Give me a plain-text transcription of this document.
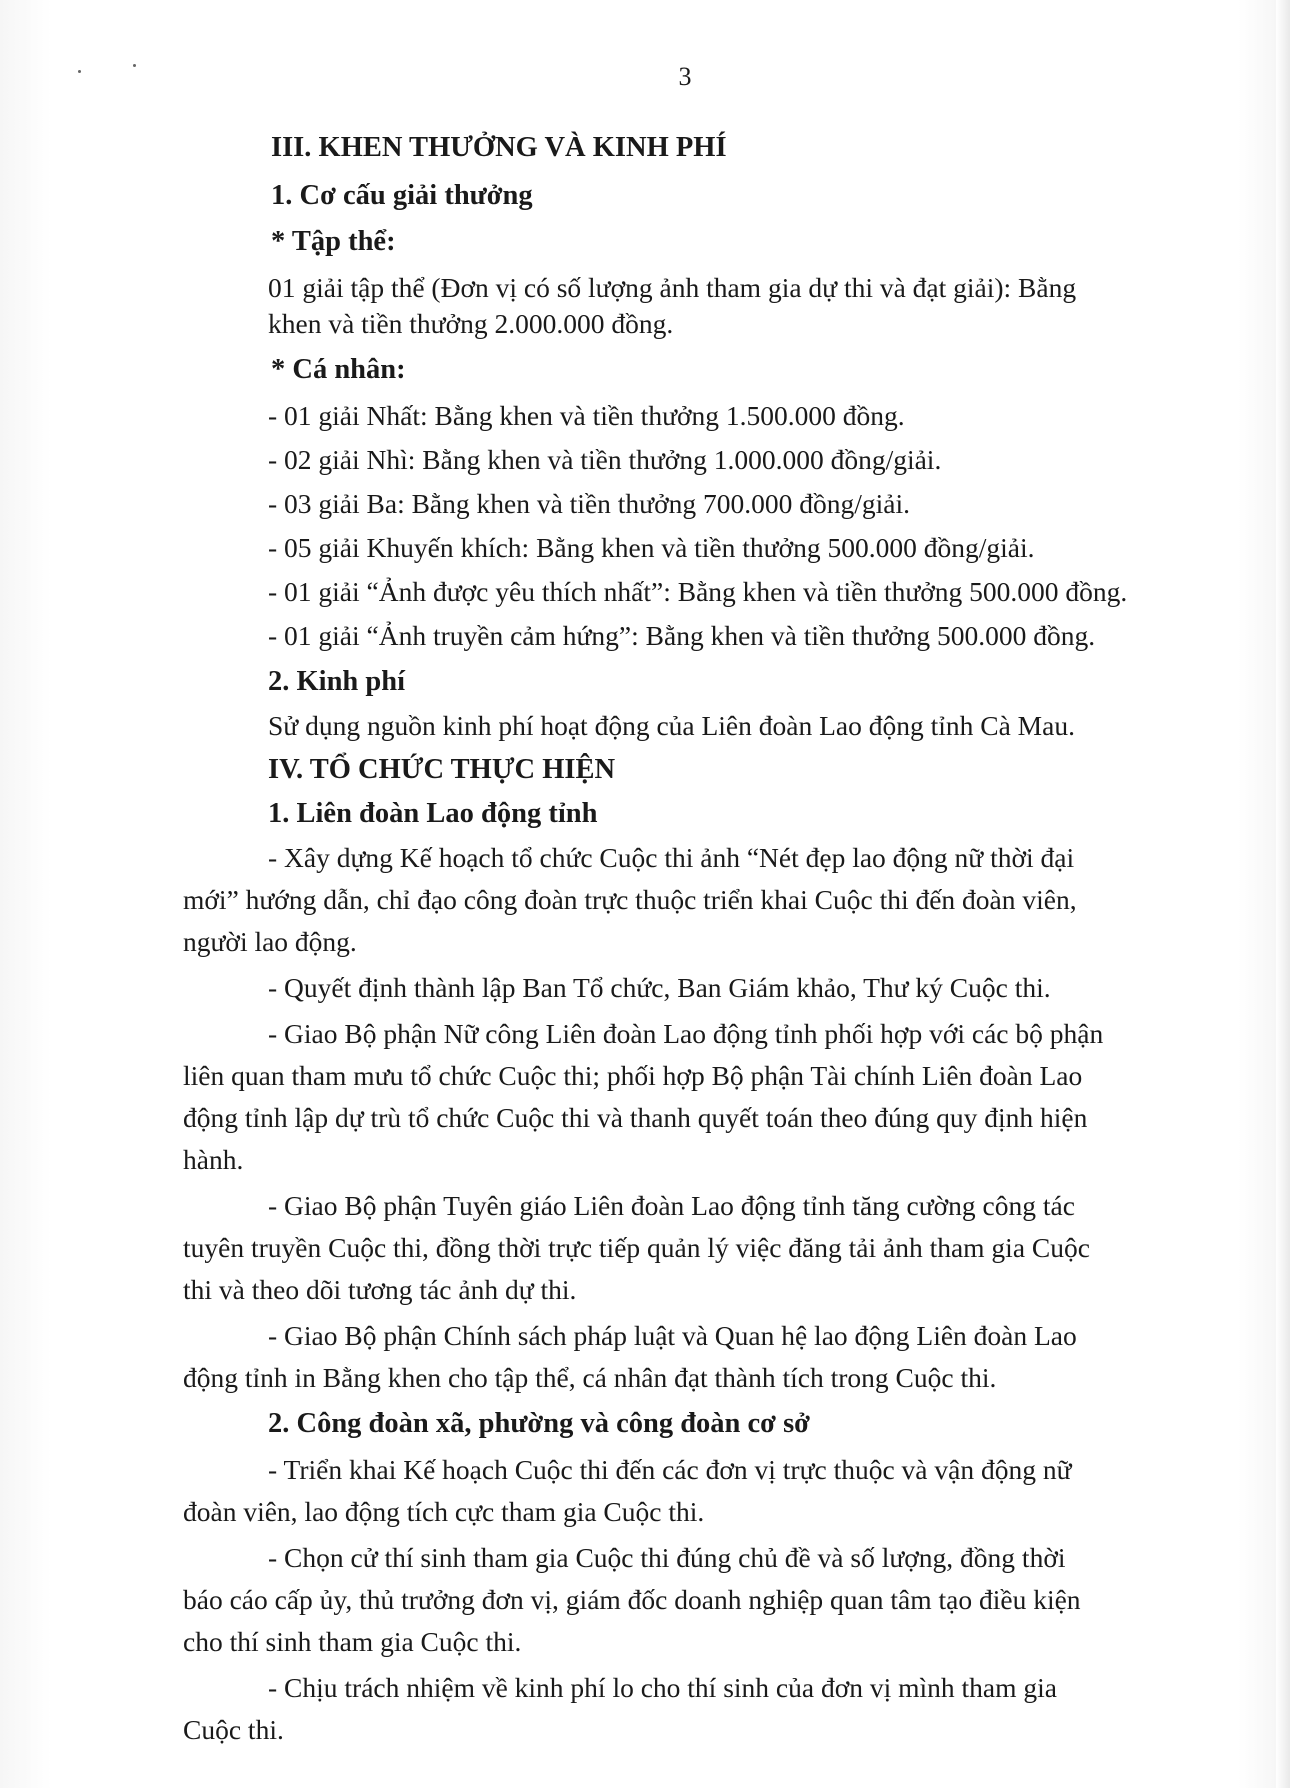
3
III. KHEN THƯỞNG VÀ KINH PHÍ
1. Cơ cấu giải thưởng
* Tập thể:
01 giải tập thể (Đơn vị có số lượng ảnh tham gia dự thi và đạt giải): Bằng
khen và tiền thưởng 2.000.000 đồng.
* Cá nhân:
- 01 giải Nhất: Bằng khen và tiền thưởng 1.500.000 đồng.
- 02 giải Nhì: Bằng khen và tiền thưởng 1.000.000 đồng/giải.
- 03 giải Ba: Bằng khen và tiền thưởng 700.000 đồng/giải.
- 05 giải Khuyến khích: Bằng khen và tiền thưởng 500.000 đồng/giải.
- 01 giải “Ảnh được yêu thích nhất”: Bằng khen và tiền thưởng 500.000 đồng.
- 01 giải “Ảnh truyền cảm hứng”: Bằng khen và tiền thưởng 500.000 đồng.
2. Kinh phí
Sử dụng nguồn kinh phí hoạt động của Liên đoàn Lao động tỉnh Cà Mau.
IV. TỔ CHỨC THỰC HIỆN
1. Liên đoàn Lao động tỉnh
- Xây dựng Kế hoạch tổ chức Cuộc thi ảnh “Nét đẹp lao động nữ thời đại
mới” hướng dẫn, chỉ đạo công đoàn trực thuộc triển khai Cuộc thi đến đoàn viên,
người lao động.
- Quyết định thành lập Ban Tổ chức, Ban Giám khảo, Thư ký Cuộc thi.
- Giao Bộ phận Nữ công Liên đoàn Lao động tỉnh phối hợp với các bộ phận
liên quan tham mưu tổ chức Cuộc thi; phối hợp Bộ phận Tài chính Liên đoàn Lao
động tỉnh lập dự trù tổ chức Cuộc thi và thanh quyết toán theo đúng quy định hiện
hành.
- Giao Bộ phận Tuyên giáo Liên đoàn Lao động tỉnh tăng cường công tác
tuyên truyền Cuộc thi, đồng thời trực tiếp quản lý việc đăng tải ảnh tham gia Cuộc
thi và theo dõi tương tác ảnh dự thi.
- Giao Bộ phận Chính sách pháp luật và Quan hệ lao động Liên đoàn Lao
động tỉnh in Bằng khen cho tập thể, cá nhân đạt thành tích trong Cuộc thi.
2. Công đoàn xã, phường và công đoàn cơ sở
- Triển khai Kế hoạch Cuộc thi đến các đơn vị trực thuộc và vận động nữ
đoàn viên, lao động tích cực tham gia Cuộc thi.
- Chọn cử thí sinh tham gia Cuộc thi đúng chủ đề và số lượng, đồng thời
báo cáo cấp ủy, thủ trưởng đơn vị, giám đốc doanh nghiệp quan tâm tạo điều kiện
cho thí sinh tham gia Cuộc thi.
- Chịu trách nhiệm về kinh phí lo cho thí sinh của đơn vị mình tham gia
Cuộc thi.
